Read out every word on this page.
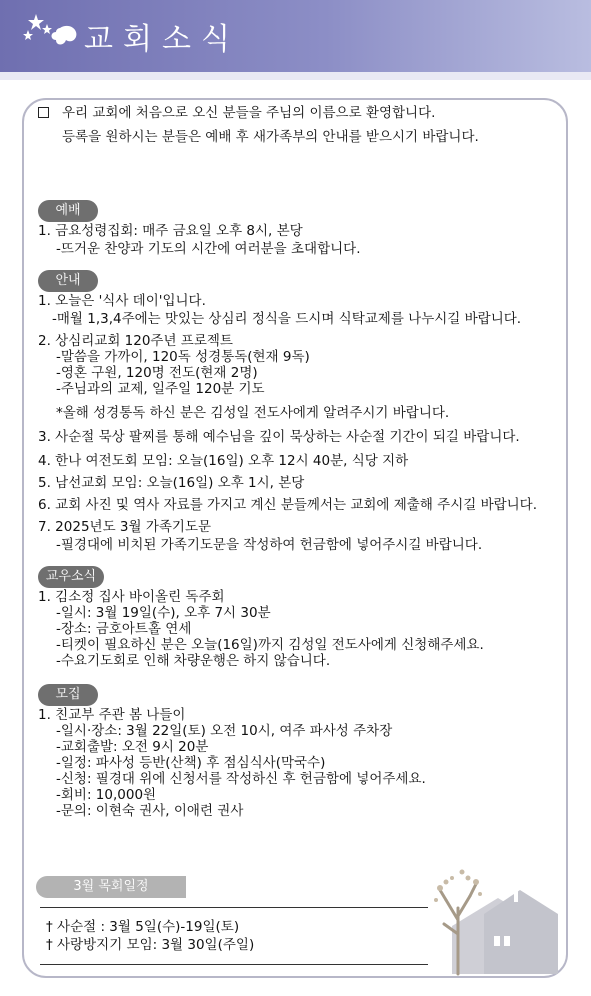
교회소식
우리 교회에 처음으로 오신 분들을 주님의 이름으로 환영합니다.
등록을 원하시는 분들은 예배 후 새가족부의 안내를 받으시기 바랍니다.
예배
1. 금요성령집회: 매주 금요일 오후 8시, 본당
-뜨거운 찬양과 기도의 시간에 여러분을 초대합니다.
안내
1. 오늘은 '식사 데이'입니다.
-매월 1,3,4주에는 맛있는 상심리 정식을 드시며 식탁교제를 나누시길 바랍니다.
2. 상심리교회 120주년 프로젝트
-말씀을 가까이, 120독 성경통독(현재 9독)
-영혼 구원, 120명 전도(현재 2명)
-주님과의 교제, 일주일 120분 기도
*올해 성경통독 하신 분은 김성일 전도사에게 알려주시기 바랍니다.
3. 사순절 묵상 팔찌를 통해 예수님을 깊이 묵상하는 사순절 기간이 되길 바랍니다.
4. 한나 여전도회 모임: 오늘(16일) 오후 12시 40분, 식당 지하
5. 남선교회 모임: 오늘(16일) 오후 1시, 본당
6. 교회 사진 및 역사 자료를 가지고 계신 분들께서는 교회에 제출해 주시길 바랍니다.
7. 2025년도 3월 가족기도문
-필경대에 비치된 가족기도문을 작성하여 헌금함에 넣어주시길 바랍니다.
교우소식
1. 김소정 집사 바이올린 독주회
-일시: 3월 19일(수), 오후 7시 30분
-장소: 금호아트홀 연세
-티켓이 필요하신 분은 오늘(16일)까지 김성일 전도사에게 신청해주세요.
-수요기도회로 인해 차량운행은 하지 않습니다.
모집
1. 친교부 주관 봄 나들이
-일시·장소: 3월 22일(토) 오전 10시, 여주 파사성 주차장
-교회출발: 오전 9시 20분
-일정: 파사성 등반(산책) 후 점심식사(막국수)
-신청: 필경대 위에 신청서를 작성하신 후 헌금함에 넣어주세요.
-회비: 10,000원
-문의: 이현숙 권사, 이애련 권사
3월 목회일정
† 사순절 : 3월 5일(수)-19일(토)
† 사랑방지기 모임: 3월 30일(주일)
